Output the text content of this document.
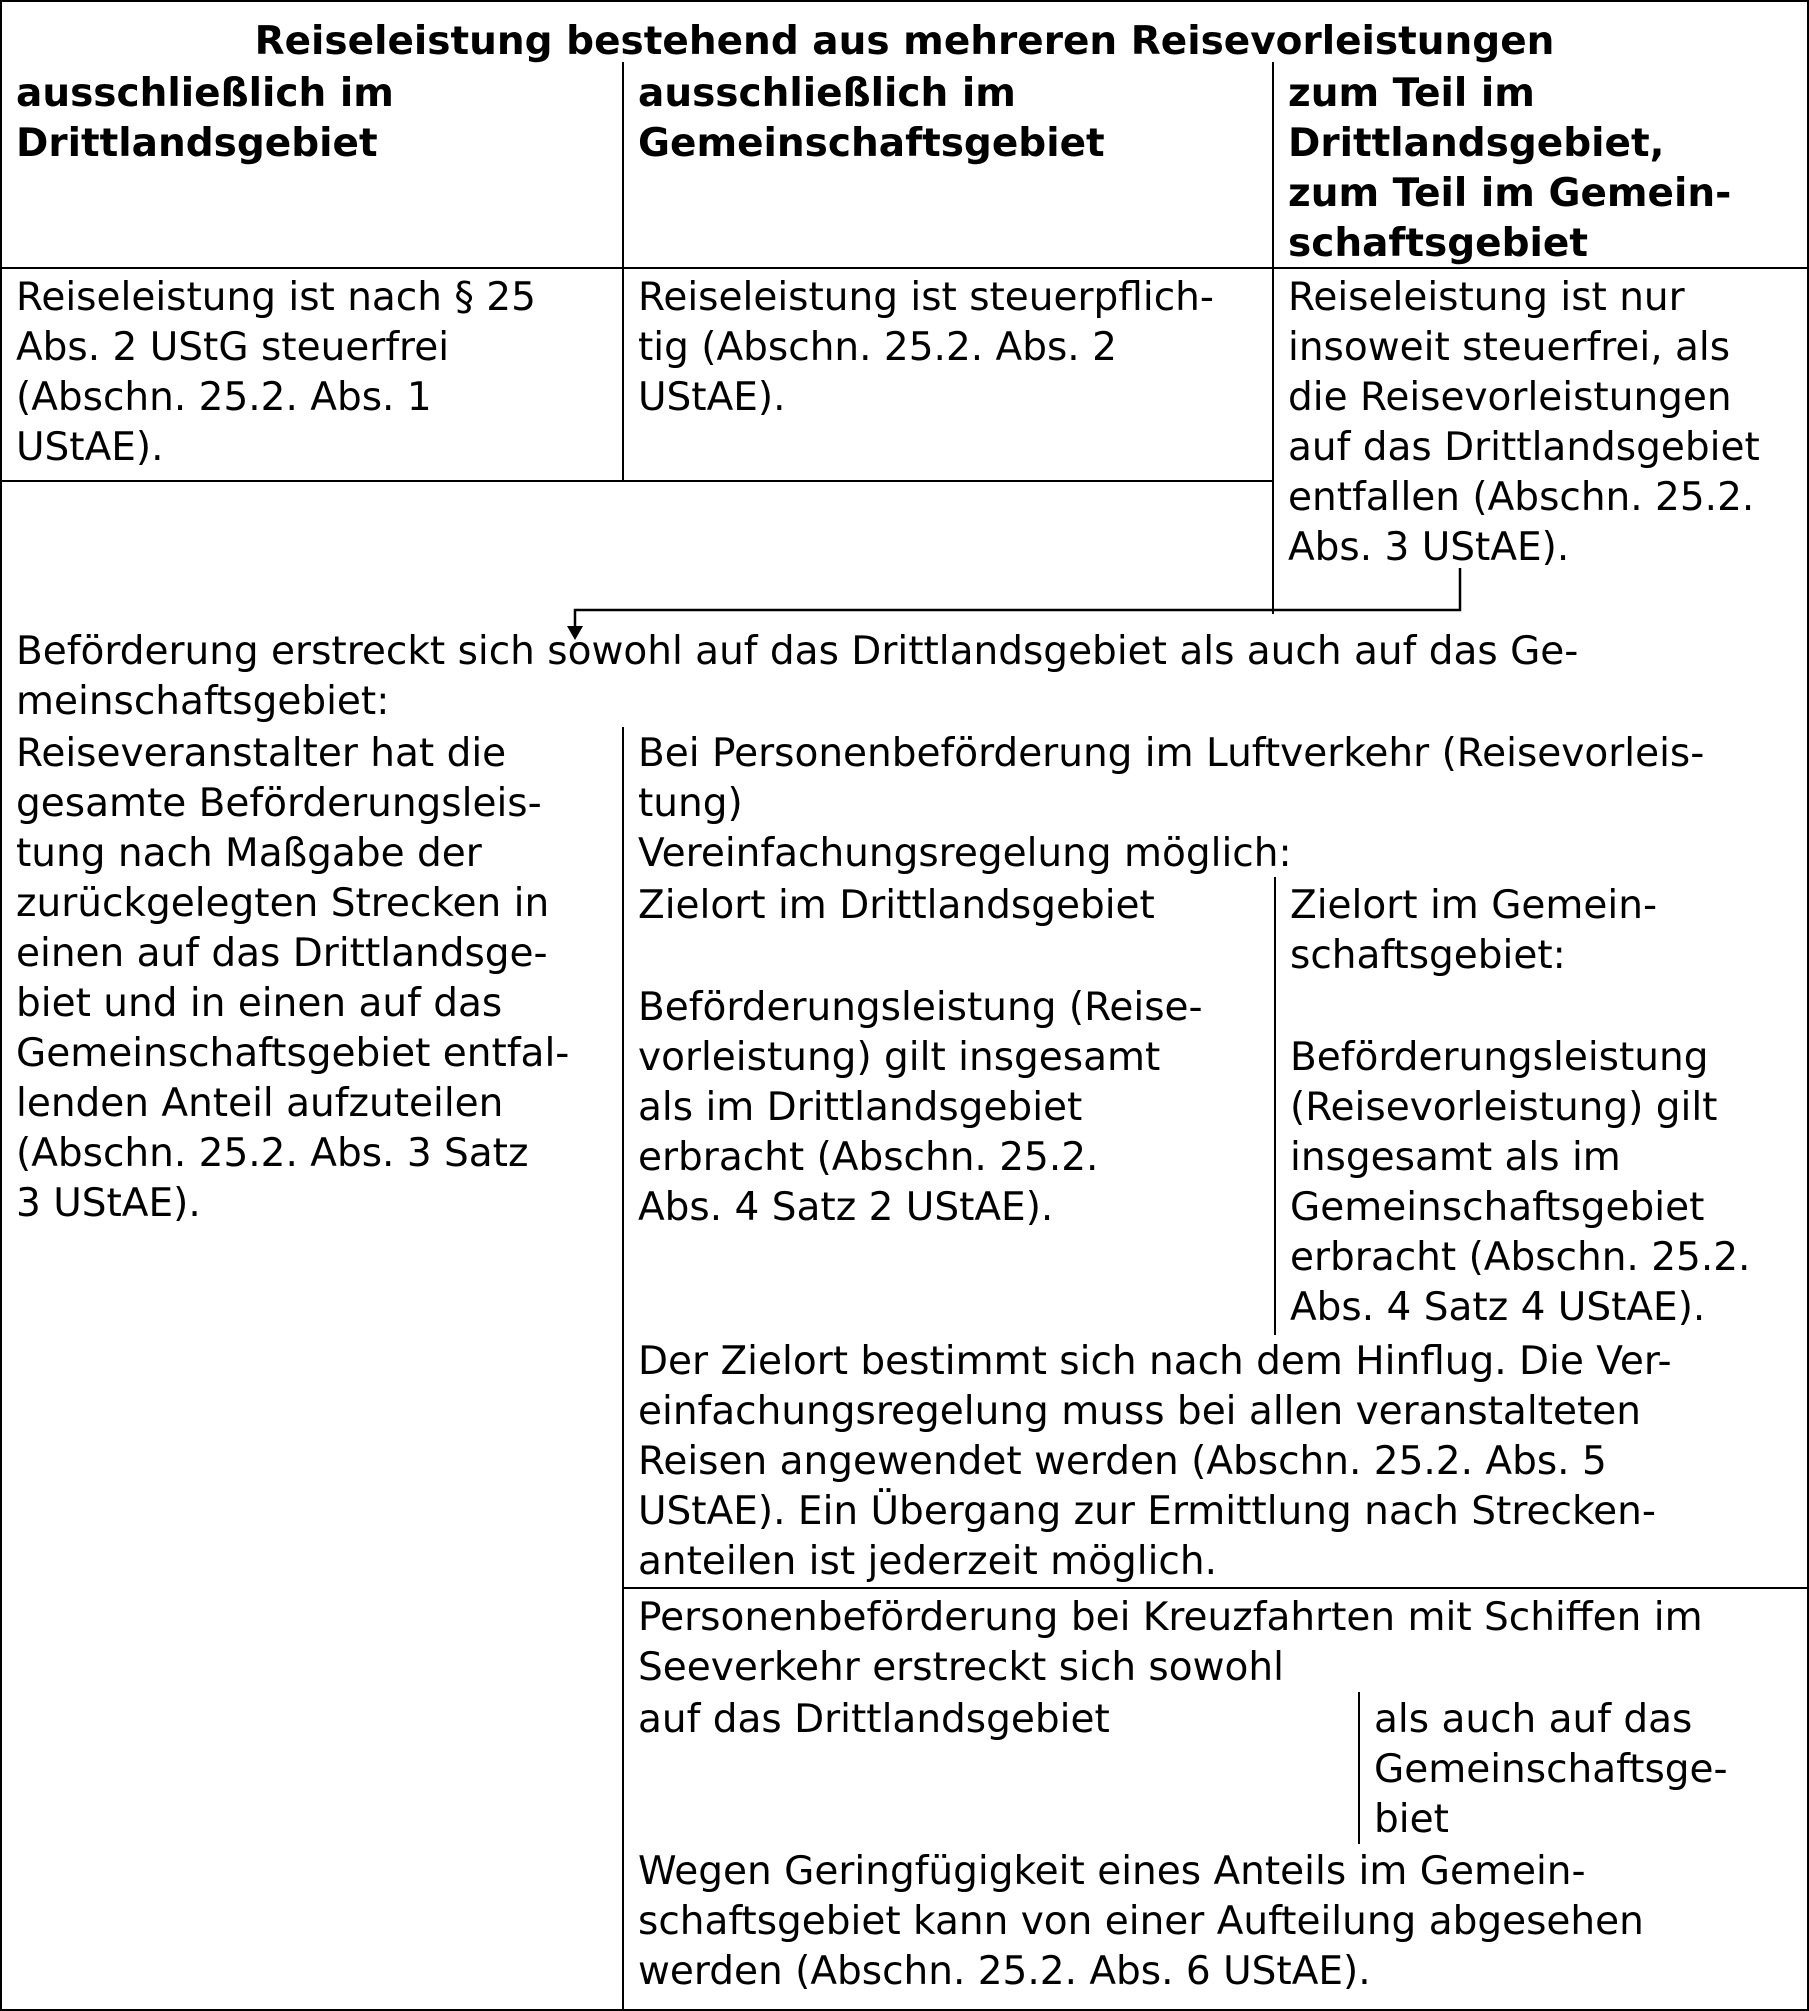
Reiseleistung bestehend aus mehreren Reisevorleistungen
ausschließlich im
Drittlandsgebiet
ausschließlich im
Gemeinschaftsgebiet
zum Teil im
Drittlandsgebiet,
zum Teil im Gemein-
schaftsgebiet
Reiseleistung ist nach § 25
Abs. 2 UStG steuerfrei
(Abschn. 25.2. Abs. 1
UStAE).
Reiseleistung ist steuerpflich-
tig (Abschn. 25.2. Abs. 2
UStAE).
Reiseleistung ist nur
insoweit steuerfrei, als
die Reisevorleistungen
auf das Drittlandsgebiet
entfallen (Abschn. 25.2.
Abs. 3 UStAE).
Beförderung erstreckt sich sowohl auf das Drittlandsgebiet als auch auf das Ge-
meinschaftsgebiet:
Reiseveranstalter hat die
gesamte Beförderungsleis-
tung nach Maßgabe der
zurückgelegten Strecken in
einen auf das Drittlandsge-
biet und in einen auf das
Gemeinschaftsgebiet entfal-
lenden Anteil aufzuteilen
(Abschn. 25.2. Abs. 3 Satz
3 UStAE).
Bei Personenbeförderung im Luftverkehr (Reisevorleis-
tung)
Vereinfachungsregelung möglich:
Zielort im Drittlandsgebiet
Beförderungsleistung (Reise-
vorleistung) gilt insgesamt
als im Drittlandsgebiet
erbracht (Abschn. 25.2.
Abs. 4 Satz 2 UStAE).
Zielort im Gemein-
schaftsgebiet:
Beförderungsleistung
(Reisevorleistung) gilt
insgesamt als im
Gemeinschaftsgebiet
erbracht (Abschn. 25.2.
Abs. 4 Satz 4 UStAE).
Der Zielort bestimmt sich nach dem Hinflug. Die Ver-
einfachungsregelung muss bei allen veranstalteten
Reisen angewendet werden (Abschn. 25.2. Abs. 5
UStAE). Ein Übergang zur Ermittlung nach Strecken-
anteilen ist jederzeit möglich.
Personenbeförderung bei Kreuzfahrten mit Schiffen im
Seeverkehr erstreckt sich sowohl
auf das Drittlandsgebiet	als auch auf das
Gemeinschaftsge-
biet
Wegen Geringfügigkeit eines Anteils im Gemein-
schaftsgebiet kann von einer Aufteilung abgesehen
werden (Abschn. 25.2. Abs. 6 UStAE).
